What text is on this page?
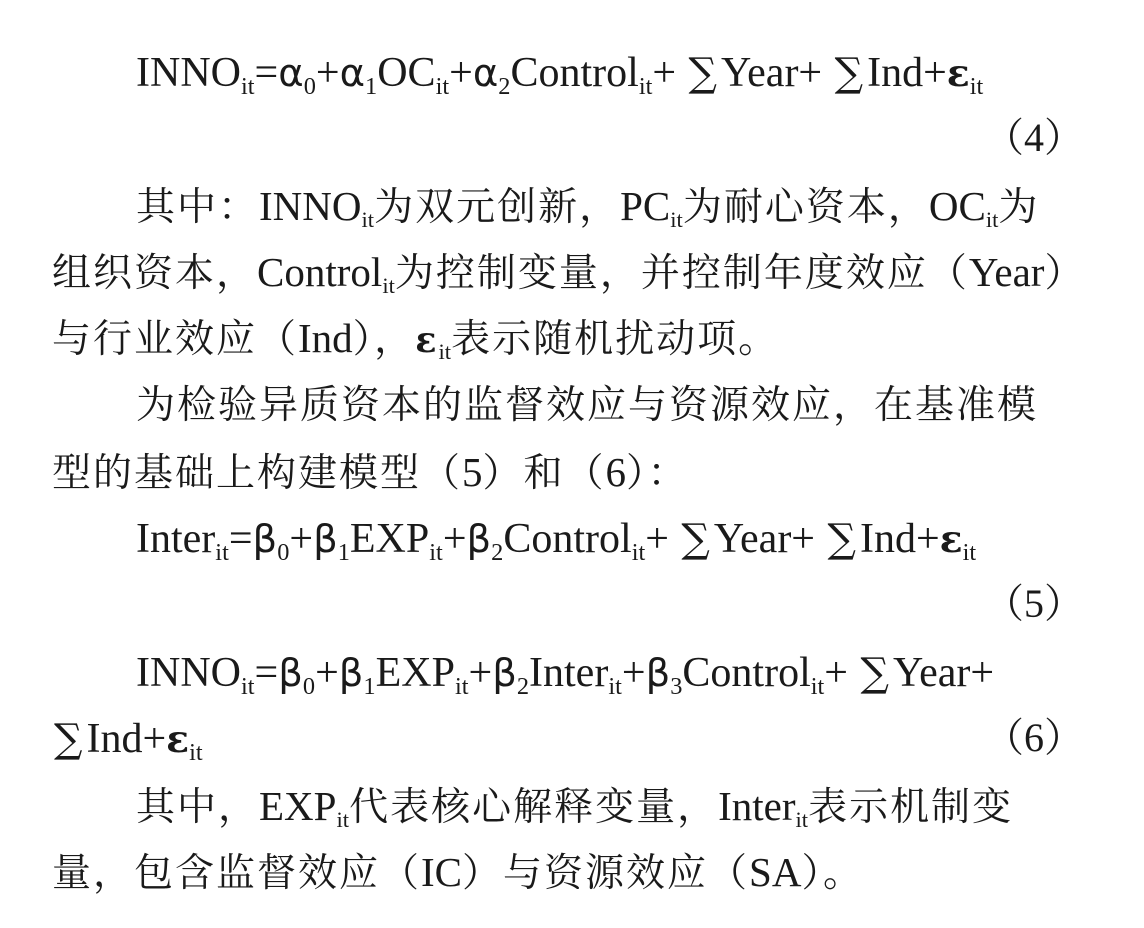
$INNO_{it}=\alpha_0+\alpha_1OC_{it}+\alpha_2Control_{it}+$ ∑Year+ $\sum Ind+\varepsilon_{it}$
（4）
其中：$INNO_{it}$为双元创新，$PC_{it}$为耐心资本，$OC_{it}$为
组织资本，Control$_{it}$为控制变量，并控制年度效应（Year）
与行业效应（Ind），$\varepsilon_{it}$表示随机扰动项。
为检验异质资本的监督效应与资源效应，在基准模
型的基础上构建模型（5）和（6）：
$Inter_{it}=\beta_0+\beta_1EXP_{it}+\beta_2Control_{it}+$ ∑Year+ $\sum Ind+\varepsilon_{it}$
（5）
$INNO_{it}=\beta_0+\beta_1EXP_{it}+\beta_2Inter_{it}+\beta_3Control_{it}+$ ∑Year+
$\sum Ind+\varepsilon_{it}$	（6）
其中，$EXP_{it}$代表核心解释变量，Inter$_{it}$表示机制变
量，包含监督效应（IC）与资源效应（SA）。
